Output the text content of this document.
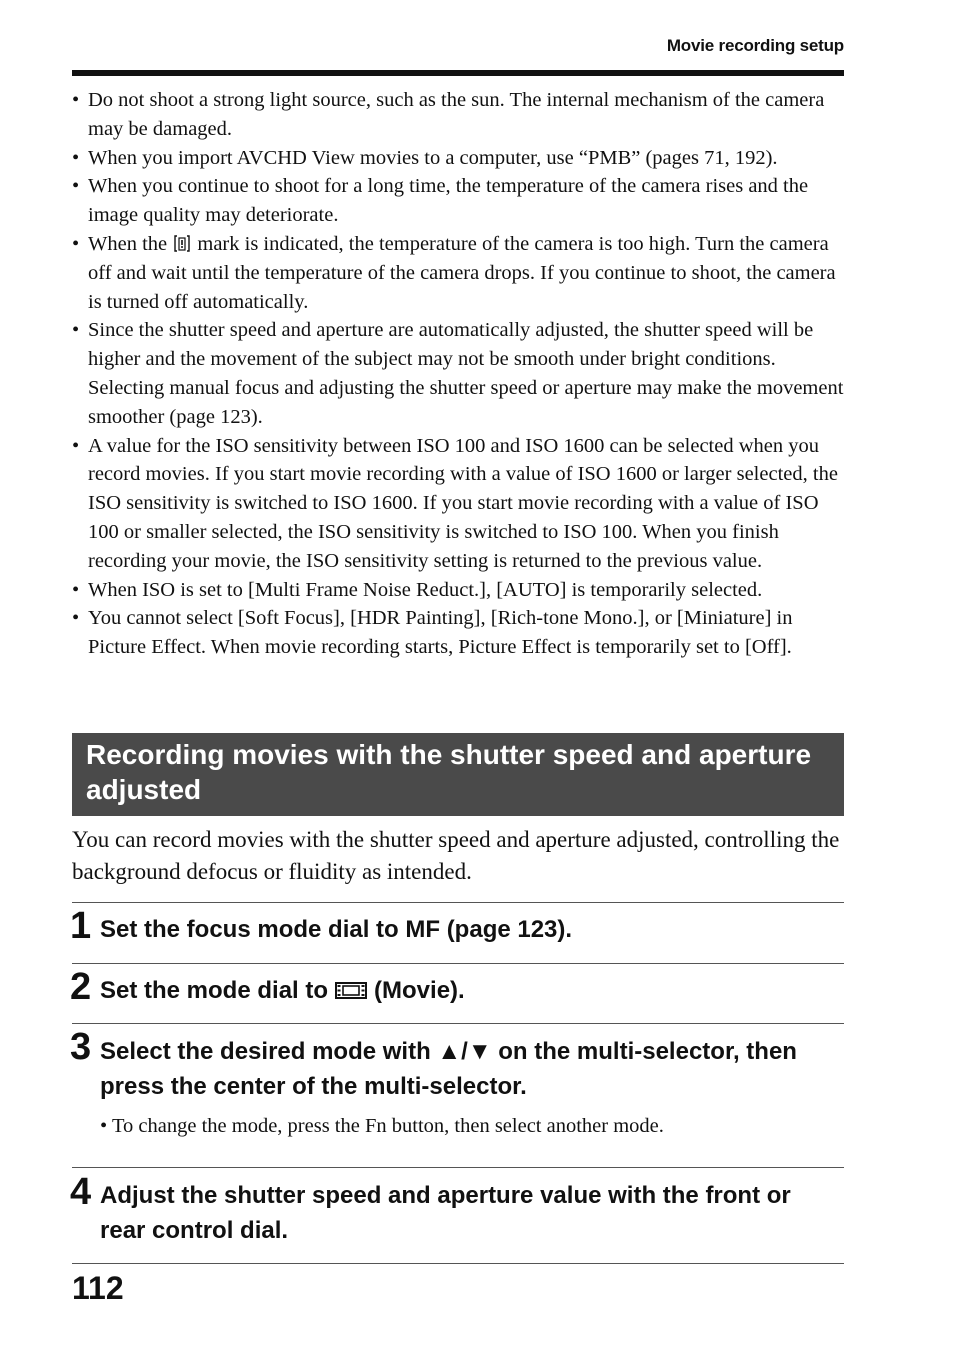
Movie recording setup
• Do not shoot a strong light source, such as the sun. The internal mechanism of the camera may be damaged.
• When you import AVCHD View movies to a computer, use “PMB” (pages 71, 192).
• When you continue to shoot for a long time, the temperature of the camera rises and the image quality may deteriorate.
• When the mark is indicated, the temperature of the camera is too high. Turn the camera off and wait until the temperature of the camera drops. If you continue to shoot, the camera is turned off automatically.
• Since the shutter speed and aperture are automatically adjusted, the shutter speed will be higher and the movement of the subject may not be smooth under bright conditions. Selecting manual focus and adjusting the shutter speed or aperture may make the movement smoother (page 123).
• A value for the ISO sensitivity between ISO 100 and ISO 1600 can be selected when you record movies. If you start movie recording with a value of ISO 1600 or larger selected, the ISO sensitivity is switched to ISO 1600. If you start movie recording with a value of ISO 100 or smaller selected, the ISO sensitivity is switched to ISO 100. When you finish recording your movie, the ISO sensitivity setting is returned to the previous value.
• When ISO is set to [Multi Frame Noise Reduct.], [AUTO] is temporarily selected.
• You cannot select [Soft Focus], [HDR Painting], [Rich-tone Mono.], or [Miniature] in Picture Effect. When movie recording starts, Picture Effect is temporarily set to [Off].
Recording movies with the shutter speed and aperture adjusted

You can record movies with the shutter speed and aperture adjusted, controlling the background defocus or fluidity as intended.

1 Set the focus mode dial to MF (page 123).

2 Set the mode dial to (Movie).

3 Select the desired mode with ▲/▼ on the multi-selector, then press the center of the multi-selector.

• To change the mode, press the Fn button, then select another mode.
4 Adjust the shutter speed and aperture value with the front or rear control dial.

112
